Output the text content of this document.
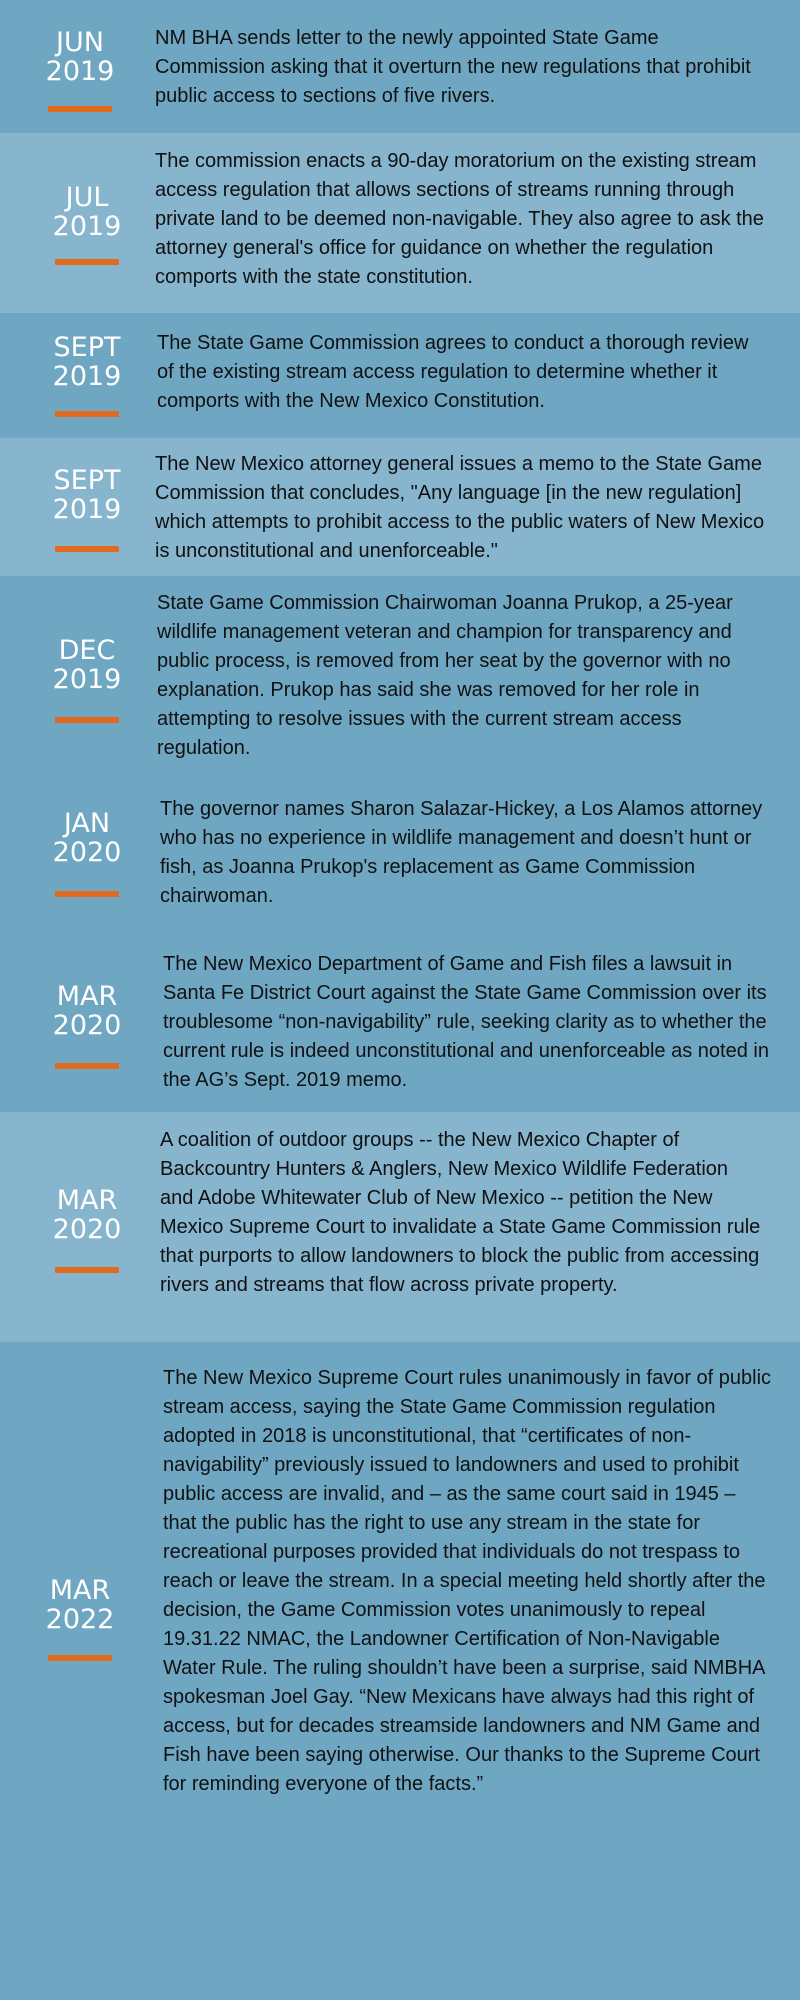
JUN
2019
NM BHA sends letter to the newly appointed State Game Commission asking that it overturn the new regulations that prohibit public access to sections of five rivers.
JUL
2019
The commission enacts a 90-day moratorium on the existing stream access regulation that allows sections of streams running through private land to be deemed non-navigable. They also agree to ask the attorney general's office for guidance on whether the regulation comports with the state constitution.
SEPT
2019
The State Game Commission agrees to conduct a thorough review of the existing stream access regulation to determine whether it comports with the New Mexico Constitution.
SEPT
2019
The New Mexico attorney general issues a memo to the State Game Commission that concludes, "Any language [in the new regulation] which attempts to prohibit access to the public waters of New Mexico is unconstitutional and unenforceable."
DEC
2019
State Game Commission Chairwoman Joanna Prukop, a 25-year wildlife management veteran and champion for transparency and public process, is removed from her seat by the governor with no explanation. Prukop has said she was removed for her role in attempting to resolve issues with the current stream access regulation.
JAN
2020
The governor names Sharon Salazar-Hickey, a Los Alamos attorney who has no experience in wildlife management and doesn’t hunt or fish, as Joanna Prukop's replacement as Game Commission chairwoman.
MAR
2020
The New Mexico Department of Game and Fish files a lawsuit in Santa Fe District Court against the State Game Commission over its troublesome “non-navigability” rule, seeking clarity as to whether the current rule is indeed unconstitutional and unenforceable as noted in the AG’s Sept. 2019 memo.
MAR
2020
A coalition of outdoor groups -- the New Mexico Chapter of Backcountry Hunters & Anglers, New Mexico Wildlife Federation and Adobe Whitewater Club of New Mexico -- petition the New Mexico Supreme Court to invalidate a State Game Commission rule that purports to allow landowners to block the public from accessing rivers and streams that flow across private property.
MAR
2022
The New Mexico Supreme Court rules unanimously in favor of public stream access, saying the State Game Commission regulation adopted in 2018 is unconstitutional, that “certificates of non-navigability” previously issued to landowners and used to prohibit public access are invalid, and – as the same court said in 1945 – that the public has the right to use any stream in the state for recreational purposes provided that individuals do not trespass to reach or leave the stream. In a special meeting held shortly after the decision, the Game Commission votes unanimously to repeal 19.31.22 NMAC, the Landowner Certification of Non-Navigable Water Rule. The ruling shouldn’t have been a surprise, said NMBHA spokesman Joel Gay. “New Mexicans have always had this right of access, but for decades streamside landowners and NM Game and Fish have been saying otherwise. Our thanks to the Supreme Court for reminding everyone of the facts.”
